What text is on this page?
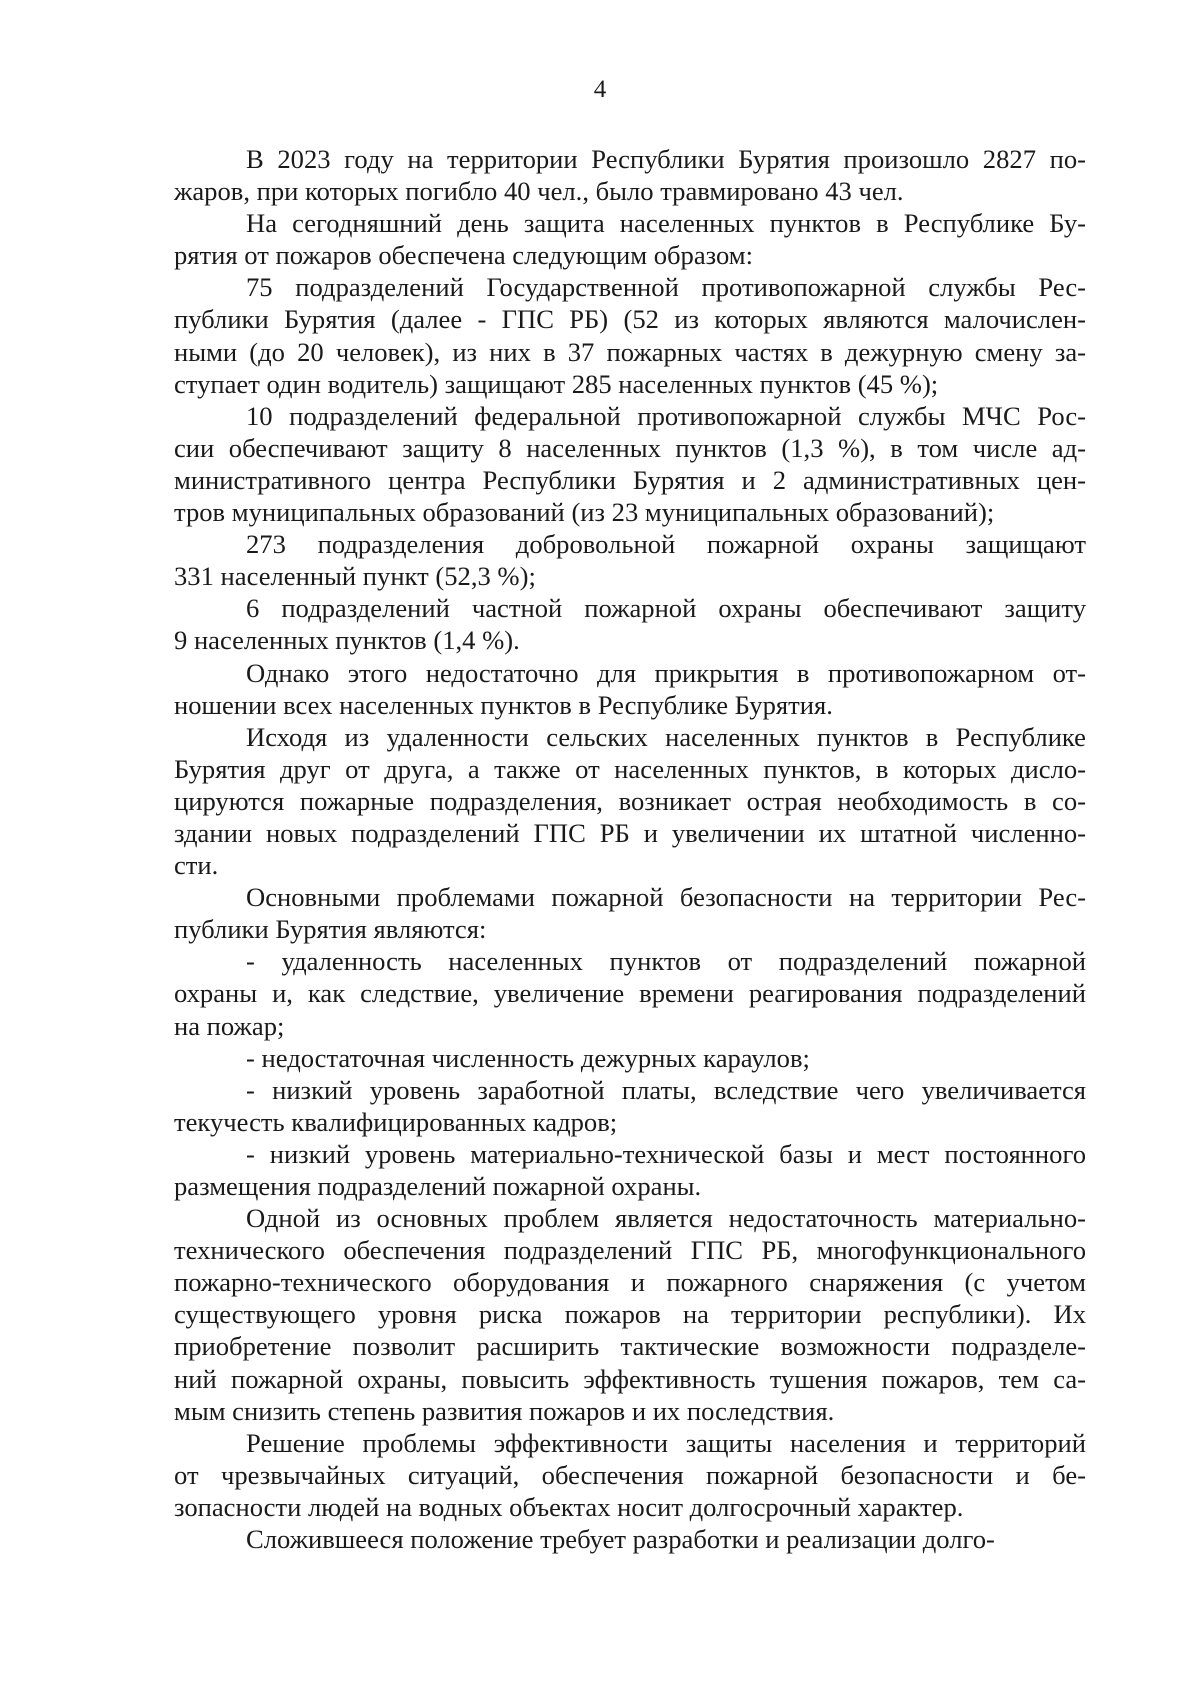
4
В 2023 году на территории Республики Бурятия произошло 2827 по-
жаров, при которых погибло 40 чел., было травмировано 43 чел.
На сегодняшний день защита населенных пунктов в Республике Бу-
рятия от пожаров обеспечена следующим образом:
75 подразделений Государственной противопожарной службы Рес-
публики Бурятия (далее - ГПС РБ) (52 из которых являются малочислен-
ными (до 20 человек), из них в 37 пожарных частях в дежурную смену за-
ступает один водитель) защищают 285 населенных пунктов (45 %);
10 подразделений федеральной противопожарной службы МЧС Рос-
сии обеспечивают защиту 8 населенных пунктов (1,3 %), в том числе ад-
министративного центра Республики Бурятия и 2 административных цен-
тров муниципальных образований (из 23 муниципальных образований);
273 подразделения добровольной пожарной охраны защищают
331 населенный пункт (52,3 %);
6 подразделений частной пожарной охраны обеспечивают защиту
9 населенных пунктов (1,4 %).
Однако этого недостаточно для прикрытия в противопожарном от-
ношении всех населенных пунктов в Республике Бурятия.
Исходя из удаленности сельских населенных пунктов в Республике
Бурятия друг от друга, а также от населенных пунктов, в которых дисло-
цируются пожарные подразделения, возникает острая необходимость в со-
здании новых подразделений ГПС РБ и увеличении их штатной численно-
сти.
Основными проблемами пожарной безопасности на территории Рес-
публики Бурятия являются:
- удаленность населенных пунктов от подразделений пожарной
охраны и, как следствие, увеличение времени реагирования подразделений
на пожар;
- недостаточная численность дежурных караулов;
- низкий уровень заработной платы, вследствие чего увеличивается
текучесть квалифицированных кадров;
- низкий уровень материально-технической базы и мест постоянного
размещения подразделений пожарной охраны.
Одной из основных проблем является недостаточность материально-
технического обеспечения подразделений ГПС РБ, многофункционального
пожарно-технического оборудования и пожарного снаряжения (с учетом
существующего уровня риска пожаров на территории республики). Их
приобретение позволит расширить тактические возможности подразделе-
ний пожарной охраны, повысить эффективность тушения пожаров, тем са-
мым снизить степень развития пожаров и их последствия.
Решение проблемы эффективности защиты населения и территорий
от чрезвычайных ситуаций, обеспечения пожарной безопасности и бе-
зопасности людей на водных объектах носит долгосрочный характер.
Сложившееся положение требует разработки и реализации долго-
